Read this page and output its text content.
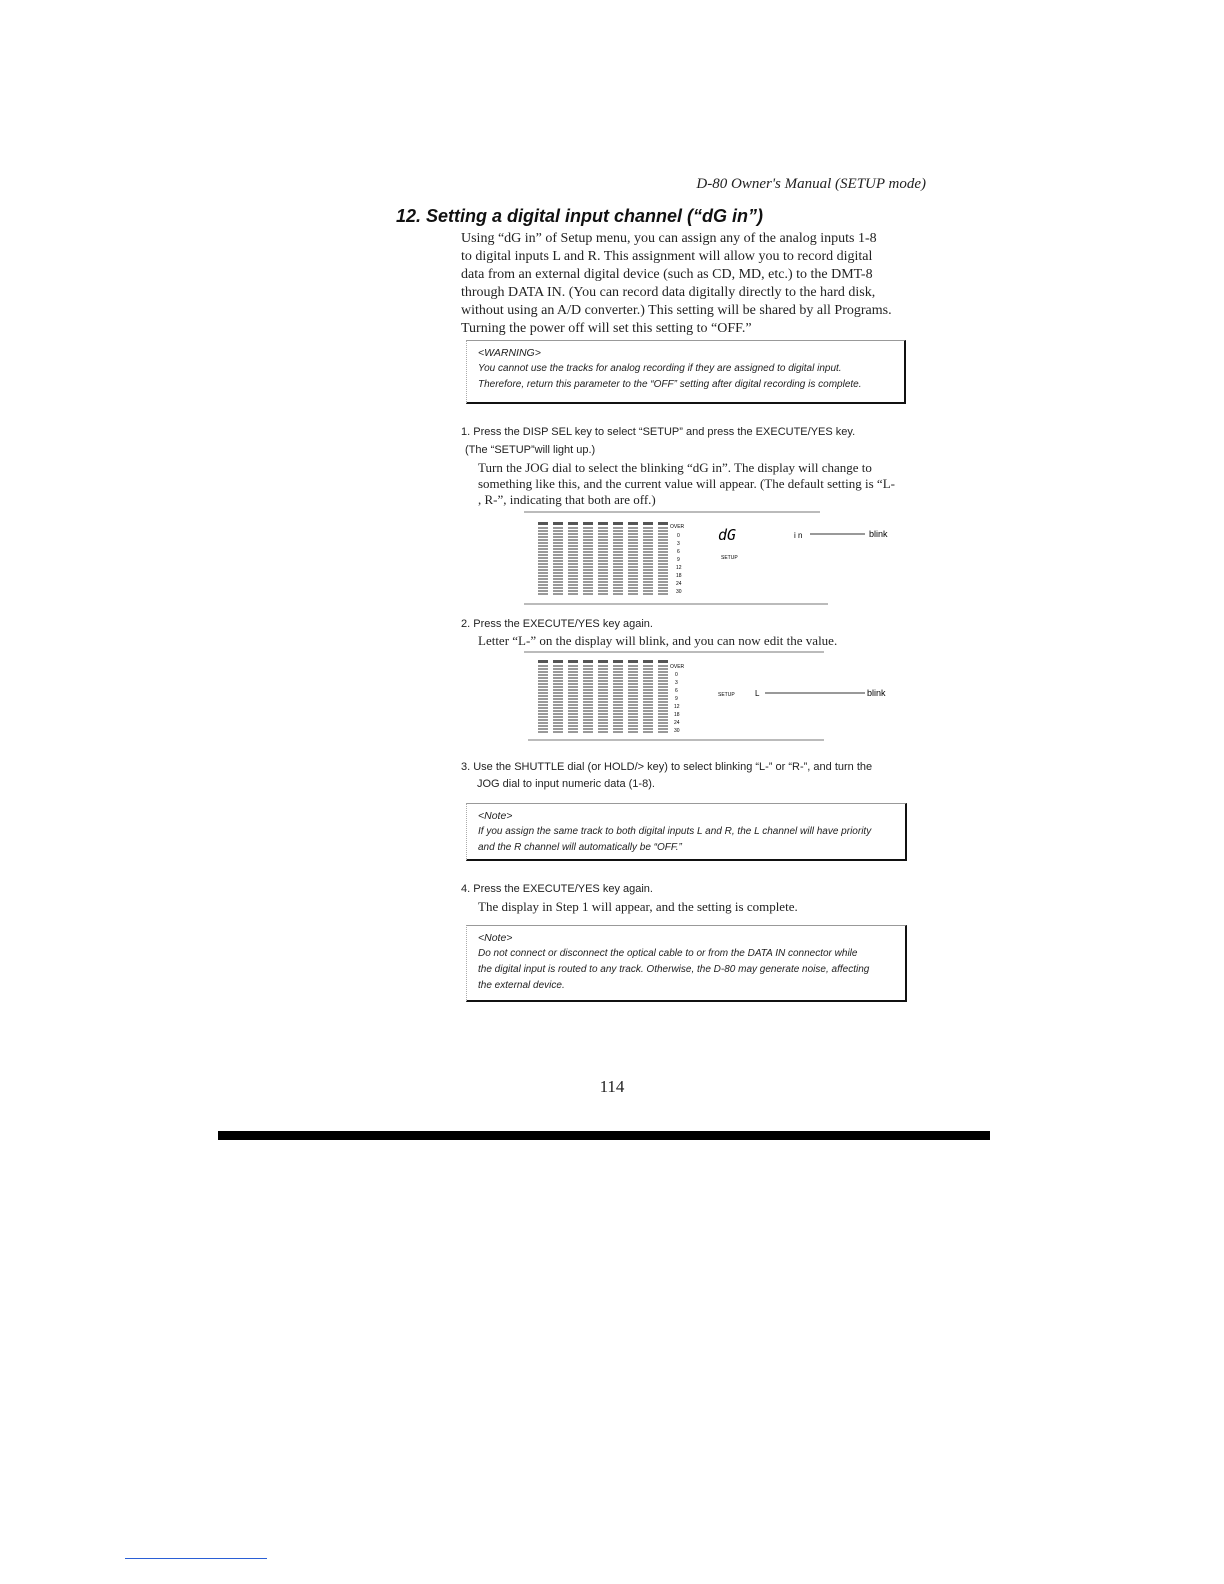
D-80 Owner's Manual (SETUP mode)
12. Setting a digital input channel (“dG in”)
Using “dG in” of Setup menu, you can assign any of the analog inputs 1-8
to digital inputs L and R. This assignment will allow you to record digital
data from an external digital device (such as CD, MD, etc.) to the DMT-8
through DATA IN. (You can record data digitally directly to the hard disk,
without using an A/D converter.) This setting will be shared by all Programs.
Turning the power off will set this setting to “OFF.”
<WARNING>
You cannot use the tracks for analog recording if they are assigned to digital input.
Therefore, return this parameter to the “OFF” setting after digital recording is complete.
1. Press the DISP SEL key to select “SETUP” and press the EXECUTE/YES key.
(The “SETUP”will light up.)
Turn the JOG dial to select the blinking “dG in”. The display will change to
something like this, and the current value will appear. (The default setting is “L-
, R-”, indicating that both are off.)
OVER
0
3
6
9
12
18
24
30
dG	i n
SETUP
blink
2. Press the EXECUTE/YES key again.
Letter “L-” on the display will blink, and you can now edit the value.
OVER
0
3
6
9
12
18
24
30
SETUP	L	blink
3. Use the SHUTTLE dial (or HOLD/> key) to select blinking “L-” or “R-”, and turn the
JOG dial to input numeric data (1-8).
<Note>
If you assign the same track to both digital inputs L and R, the L channel will have priority
and the R channel will automatically be “OFF.”
4. Press the EXECUTE/YES key again.
The display in Step 1 will appear, and the setting is complete.
<Note>
Do not connect or disconnect the optical cable to or from the DATA IN connector while
the digital input is routed to any track. Otherwise, the D-80 may generate noise, affecting
the external device.
114
